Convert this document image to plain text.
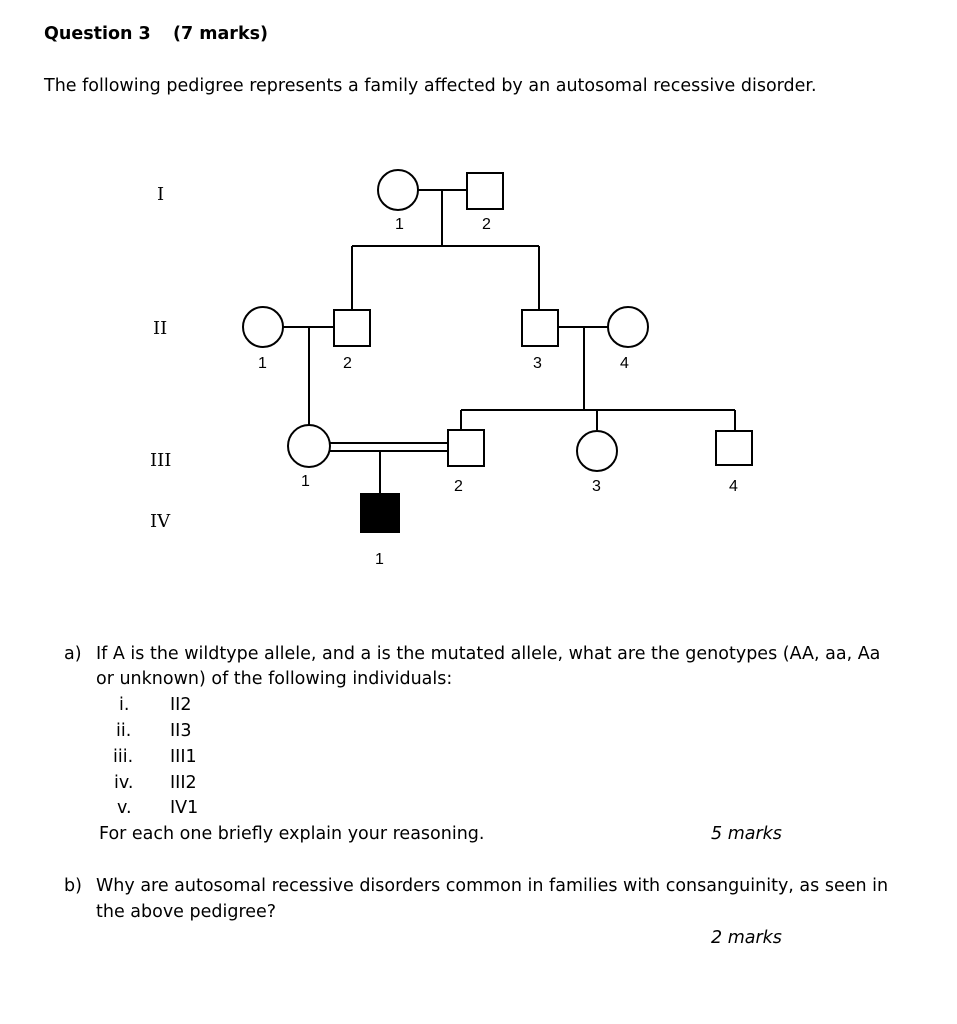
Question 3 (7 marks)
The following pedigree represents a family affected by an autosomal recessive disorder.
I
II
III
IV
1	2
1	2	3	4
1	2	3	4
1
a) If A is the wildtype allele, and a is the mutated allele, what are the genotypes (AA, aa, Aa
or unknown) of the following individuals:
i. II2
ii. II3
iii. III1
iv. III2
v. IV1
For each one briefly explain your reasoning.	5 marks
b) Why are autosomal recessive disorders common in families with consanguinity, as seen in
the above pedigree?
2 marks
